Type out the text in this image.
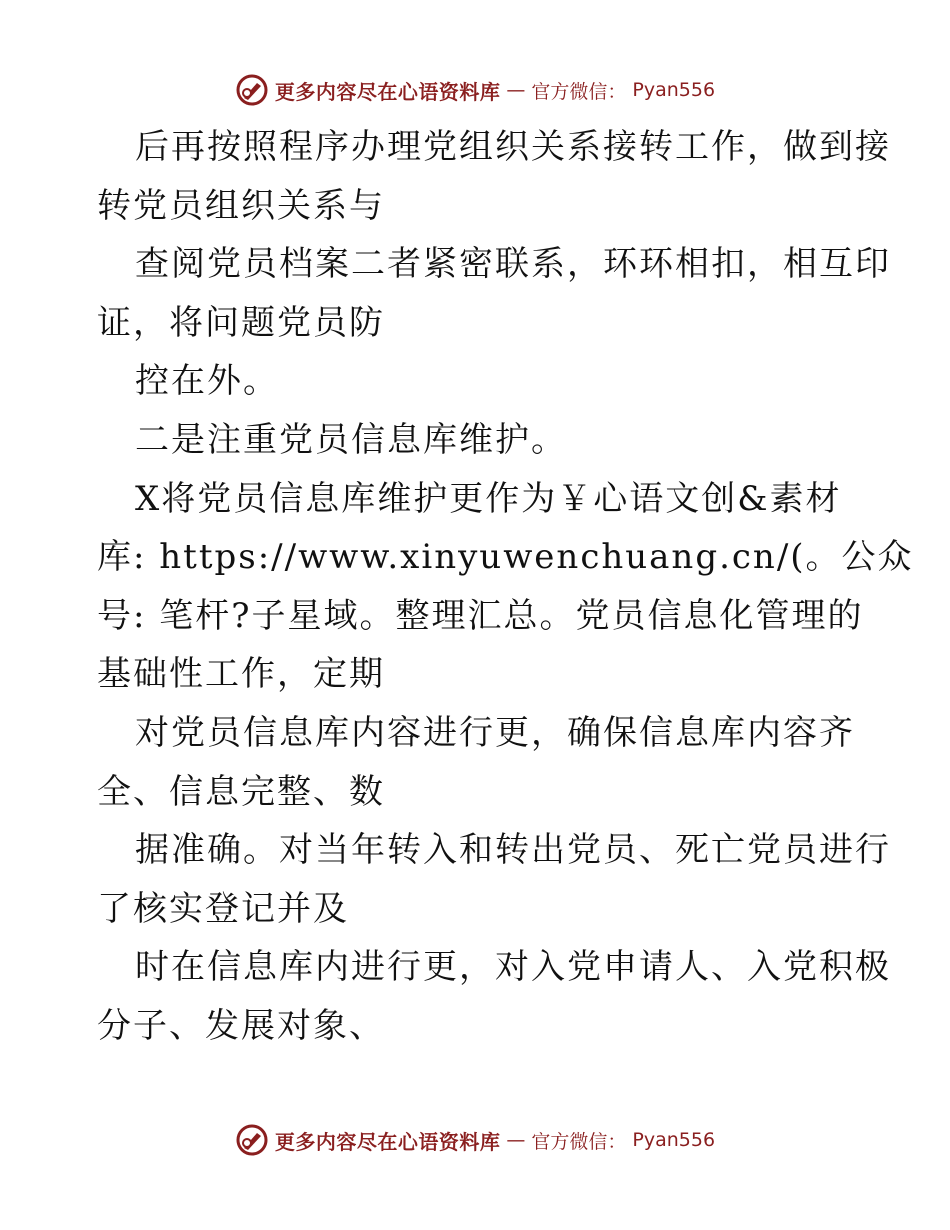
更多内容尽在心语资料库 — 官方微信： Pyan556
后再按照程序办理党组织关系接转工作，做到接
转党员组织关系与
查阅党员档案二者紧密联系，环环相扣，相互印
证，将问题党员防
控在外。
二是注重党员信息库维护。
X将党员信息库维护更作为￥心语文创&素材
库: https://www.xinyuwenchuang.cn/(。公众
号: 笔杆?子星域。整理汇总。党员信息化管理的
基础性工作，定期
对党员信息库内容进行更，确保信息库内容齐
全、信息完整、数
据准确。对当年转入和转出党员、死亡党员进行
了核实登记并及
时在信息库内进行更，对入党申请人、入党积极
分子、发展对象、
更多内容尽在心语资料库 — 官方微信： Pyan556
